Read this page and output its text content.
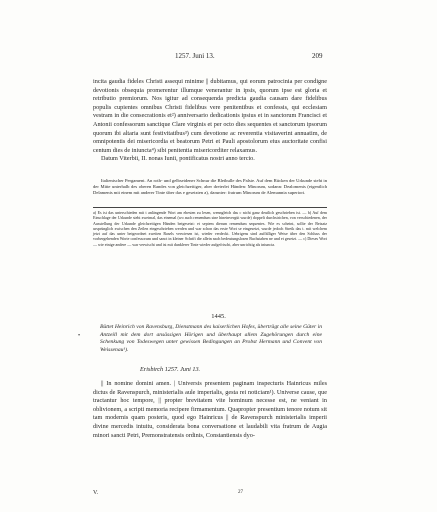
1257. Juni 13.	209

incita gaudia fideles Christi assequi minime || dubitamus, qui eorum patrocinia per condigne devotionis obsequia promerentur illumque venerantur in ipsis, quorum ipse est gloria et retributio premiorum. Nos igitur ad consequenda predicta gaudia causam dare fidelibus populis cupientes omnibus Christi fidelibus vere penitentibus et confessis, qui ecclesiam vestram in die consecrationis et²) anniversario dedicationis ipsius et in sanctorum Francisci et Antonii confessorum sanctique Clare virginis et per octo dies sequentes et sanctorum ipsorum quorum ibi altaria sunt festivitatibus³) cum devotione ac reverentia visitaverint annuatim, de omnipotentis dei misericordia et beatorum Petri et Pauli apostolorum eius auctoritate confisi centum dies de iniuncta⁴) sibi penitentia misericorditer relaxamus.

Datum Viterbii, II. nonas Iunii, pontificatus nostri anno tercio.

Italienischer Pergament. An roth- und gelbseidener Schnur die Bleibulle des Palste. Auf dem Rücken der Urkunde steht in der Mitte unterhalb des oberen Randes von gleichzeitiger, aber dreierlei Händen: Minorum, sodann: Dealomenis (eigentlich Delamenis mit einem mit anderer Tinte über das e gesetzten a), darunter: fratrum Minorum de Alemannia superiori.

a) Es ist das unterschieden mit t anlängende Wort am ehesten zu lesen, wenngleich das c nicht ganz deutlich geschrieben ist. — b) Auf dem Einschlage der Urkunde steht zweimal, das einemal (wo auch remendum sine hineinvergüt wurde) doppelt durchstrichen, von verschiedenen, der Ausstellung der Urkunde gleichzeitigen Händen beigesetzt: et septem dierum remendum sequentes. Wie es scheint, sollte der Beisatz ursprünglich zwischen den Zeilen eingeschrieben werden und war schon das erste Wort se eingesetzt, wurde jedoch Streik das t. mit welchem jetzt auf das unter beigeordnet zweiten Rasels verwiesen ist, wieder verdeckt. Uebrigens sind auffälliger Weise über den Schluss der vorhergehenden Worte confessorum und sanct in kleiner Schrift die allein nach bedeutungslosen Buchstaben ne und et gesetzt. — c) Dieses Wort — wie einige andere — war verwischt und ist mit dunklerer Tinte wieder aufgefrischt, aber unrichtig als iniuncta.

1445.
•

Büttet Heinrich von Ravensburg, Dienstmann des kaiserlichen Hofes, überträgt alle seine Güter in Antzeill mit dem dort ansässigen Hörigen und überhaupt allem Zugehörungen durch eine Schenkung von Todeswegen unter gewissen Bedingungen an Probst Hermann und Convent von Weissenau¹).

Erisbirch 1257. Juni 13.

|| In nomine domini amen. | Universis presentem paginam inspecturis Hainricus miles dictus de Ravenspurch, ministerialis aule imperialis, gesta rei noticiam¹). Universe cause, que tractantur hoc tempore, || propter brevitatem vite hominum necesse est, ne veniant in oblivionem, a scripti memoria recipere firmamentum. Quapropter presentium tenore notum sit tam modernis quam posteris, quod ego Hainricus || de Ravenspurch ministerialis imperii divine mercedis intuitu, considerata bona conversatione et laudabili vita fratrum de Augia minori sancti Petri, Premonstratensis ordinis, Constantiensis dyo-

V.	27
